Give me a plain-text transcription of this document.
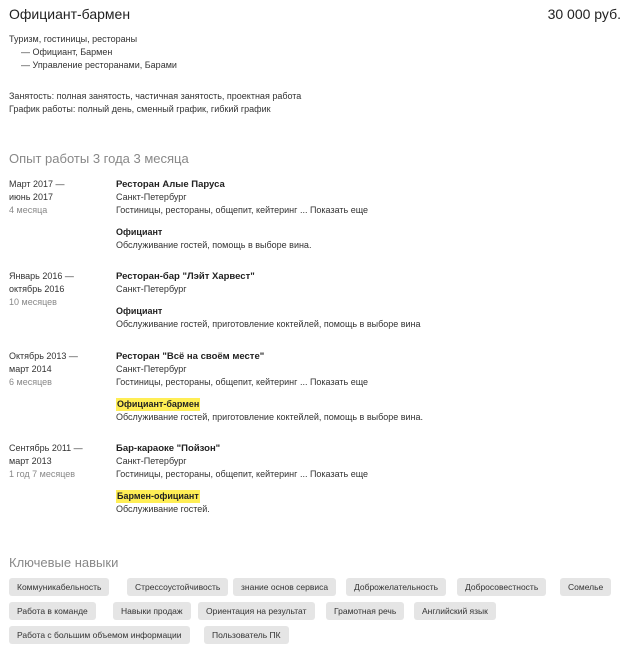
Официант-бармен	30 000 руб.
Туризм, гостиницы, рестораны
— Официант, Бармен
— Управление ресторанами, Барами
Занятость: полная занятость, частичная занятость, проектная работа
График работы: полный день, сменный график, гибкий график
Опыт работы 3 года 3 месяца
Март 2017 —
июнь 2017
4 месяца
Ресторан Алые Паруса
Санкт-Петербург
Гостиницы, рестораны, общепит, кейтеринг ... Показать еще
Официант
Обслуживание гостей, помощь в выборе вина.
Январь 2016 —
октябрь 2016
10 месяцев
Ресторан-бар "Лэйт Харвест"
Санкт-Петербург
Официант
Обслуживание гостей, приготовление коктейлей, помощь в выборе вина
Октябрь 2013 —
март 2014
6 месяцев
Ресторан "Всё на своём месте"
Санкт-Петербург
Гостиницы, рестораны, общепит, кейтеринг ... Показать еще
Официант-бармен
Обслуживание гостей, приготовление коктейлей, помощь в выборе вина.
Сентябрь 2011 —
март 2013
1 год 7 месяцев
Бар-караоке "Пойзон"
Санкт-Петербург
Гостиницы, рестораны, общепит, кейтеринг ... Показать еще
Бармен-официант
Обслуживание гостей.
Ключевые навыки
Коммуникабельность	Стрессоустойчивость	знание основ сервиса	Доброжелательность	Добросовестность	Сомелье
Работа в команде	Навыки продаж	Ориентация на результат	Грамотная речь	Английский язык
Работа с большим объемом информации	Пользователь ПК
